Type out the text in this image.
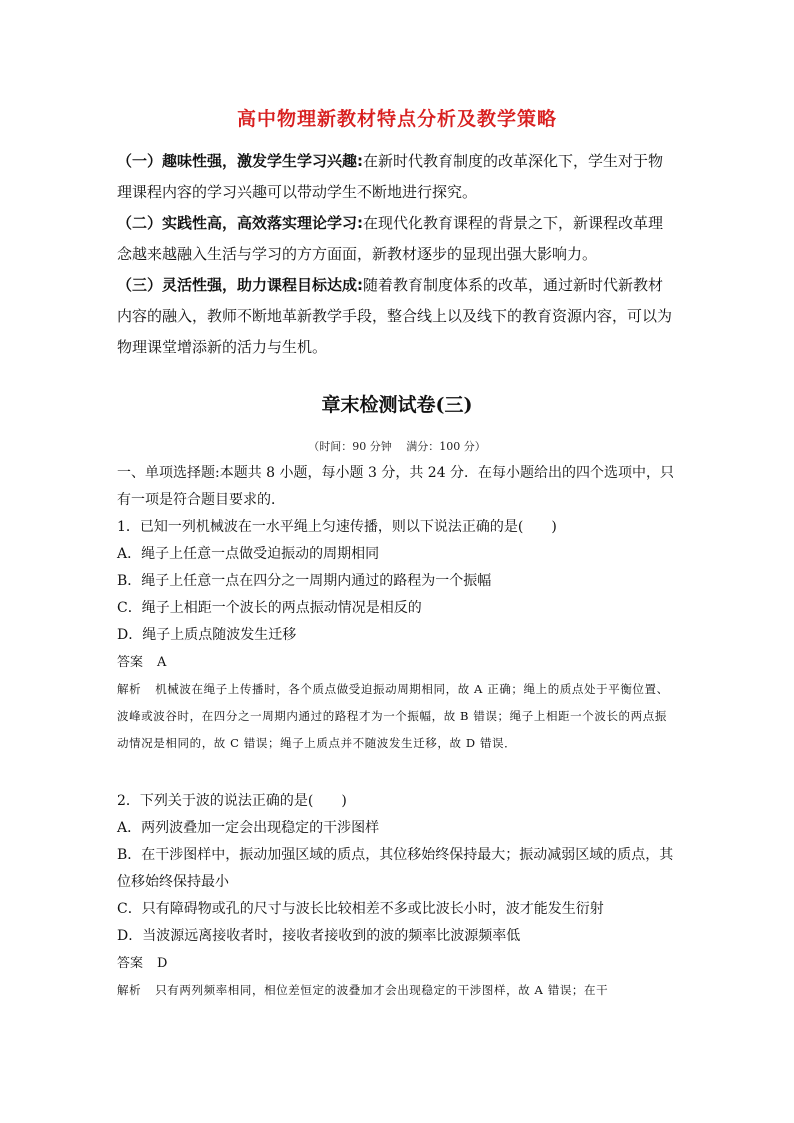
高中物理新教材特点分析及教学策略

（一）趣味性强，激发学生学习兴趣:在新时代教育制度的改革深化下，学生对于物理课程内容的学习兴趣可以带动学生不断地进行探究。

（二）实践性高，高效落实理论学习:在现代化教育课程的背景之下，新课程改革理念越来越融入生活与学习的方方面面，新教材逐步的显现出强大影响力。

（三）灵活性强，助力课程目标达成:随着教育制度体系的改革，通过新时代新教材内容的融入，教师不断地革新教学手段，整合线上以及线下的教育资源内容，可以为物理课堂增添新的活力与生机。

章末检测试卷(三)
（时间：90 分钟　 满分：100 分）

一、单项选择题:本题共 8 小题，每小题 3 分，共 24 分．在每小题给出的四个选项中，只有一项是符合题目要求的．

1．已知一列机械波在一水平绳上匀速传播，则以下说法正确的是(　　)

A．绳子上任意一点做受迫振动的周期相同

B．绳子上任意一点在四分之一周期内通过的路程为一个振幅

C．绳子上相距一个波长的两点振动情况是相反的

D．绳子上质点随波发生迁移

答案 A

解析 机械波在绳子上传播时，各个质点做受迫振动周期相同，故 A 正确；绳上的质点处于平衡位置、波峰或波谷时，在四分之一周期内通过的路程才为一个振幅，故 B 错误；绳子上相距一个波长的两点振动情况是相同的，故 C 错误；绳子上质点并不随波发生迁移，故 D 错误．

2．下列关于波的说法正确的是(　　)

A．两列波叠加一定会出现稳定的干涉图样

B．在干涉图样中，振动加强区域的质点，其位移始终保持最大；振动减弱区域的质点，其位移始终保持最小

C．只有障碍物或孔的尺寸与波长比较相差不多或比波长小时，波才能发生衍射

D．当波源远离接收者时，接收者接收到的波的频率比波源频率低

答案 D

解析 只有两列频率相同，相位差恒定的波叠加才会出现稳定的干涉图样，故 A 错误；在干
